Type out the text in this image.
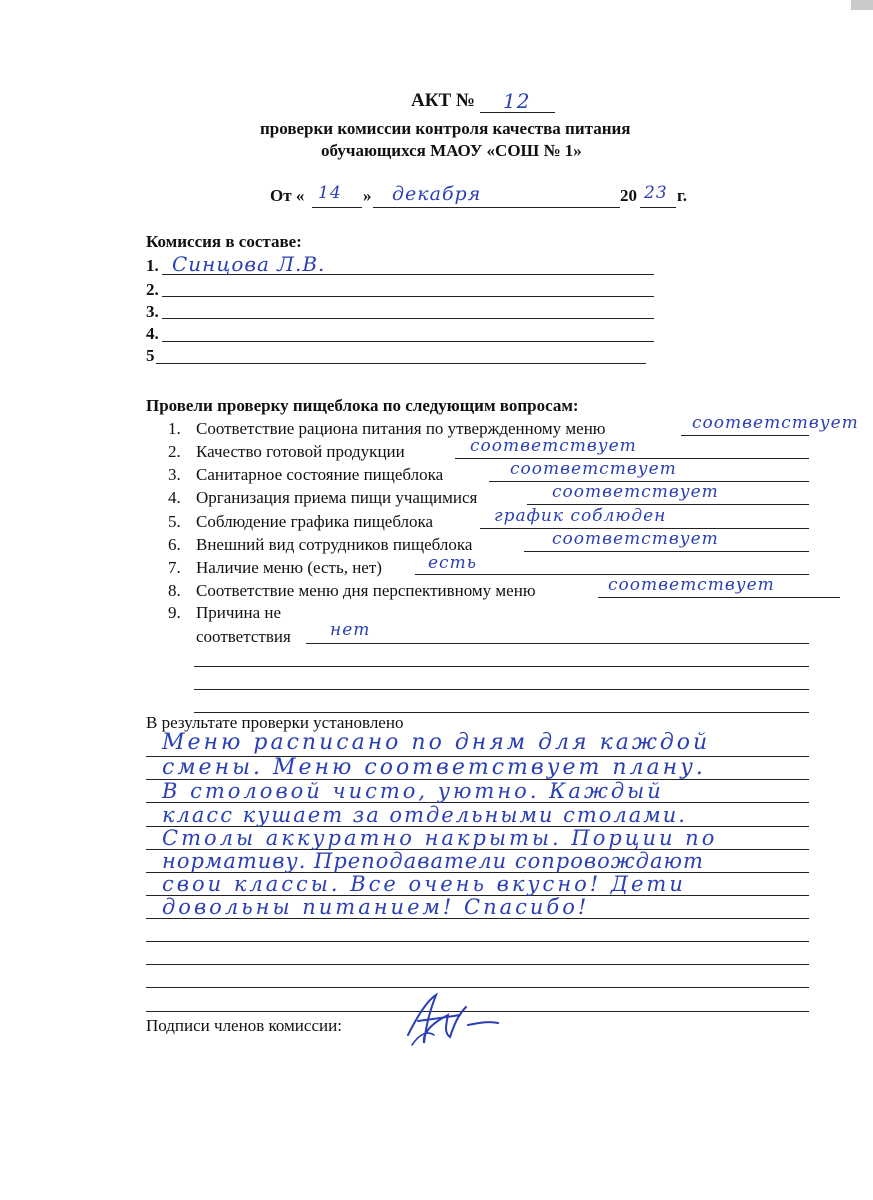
АКТ № 12
проверки комиссии контроля качества питания
обучающихся МАОУ «СОШ № 1»
От « 14 » декабря	20 23 г.
Комиссия в составе:
1. Синцова Л.В.
2.
3.
4.
5
Провели проверку пищеблока по следующим вопросам:
1. Соответствие рациона питания по утвержденному меню	соответствует
2. Качество готовой продукции	соответствует
3. Санитарное состояние пищеблока	соответствует
4. Организация приема пищи учащимися	соответствует
5. Соблюдение графика пищеблока	график соблюден
6. Внешний вид сотрудников пищеблока	соответствует
7. Наличие меню (есть, нет)	есть
8. Соответствие меню дня перспективному меню	соответствует
9. Причина не
соответствия нет
В результате проверки установлено
Меню расписано по дням для каждой
смены. Меню соответствует плану.
В столовой чисто, уютно. Каждый
класс кушает за отдельными столами.
Столы аккуратно накрыты. Порции по
нормативу. Преподаватели сопровождают
свои классы. Все очень вкусно! Дети
довольны питанием! Спасибо!
Подписи членов комиссии:
